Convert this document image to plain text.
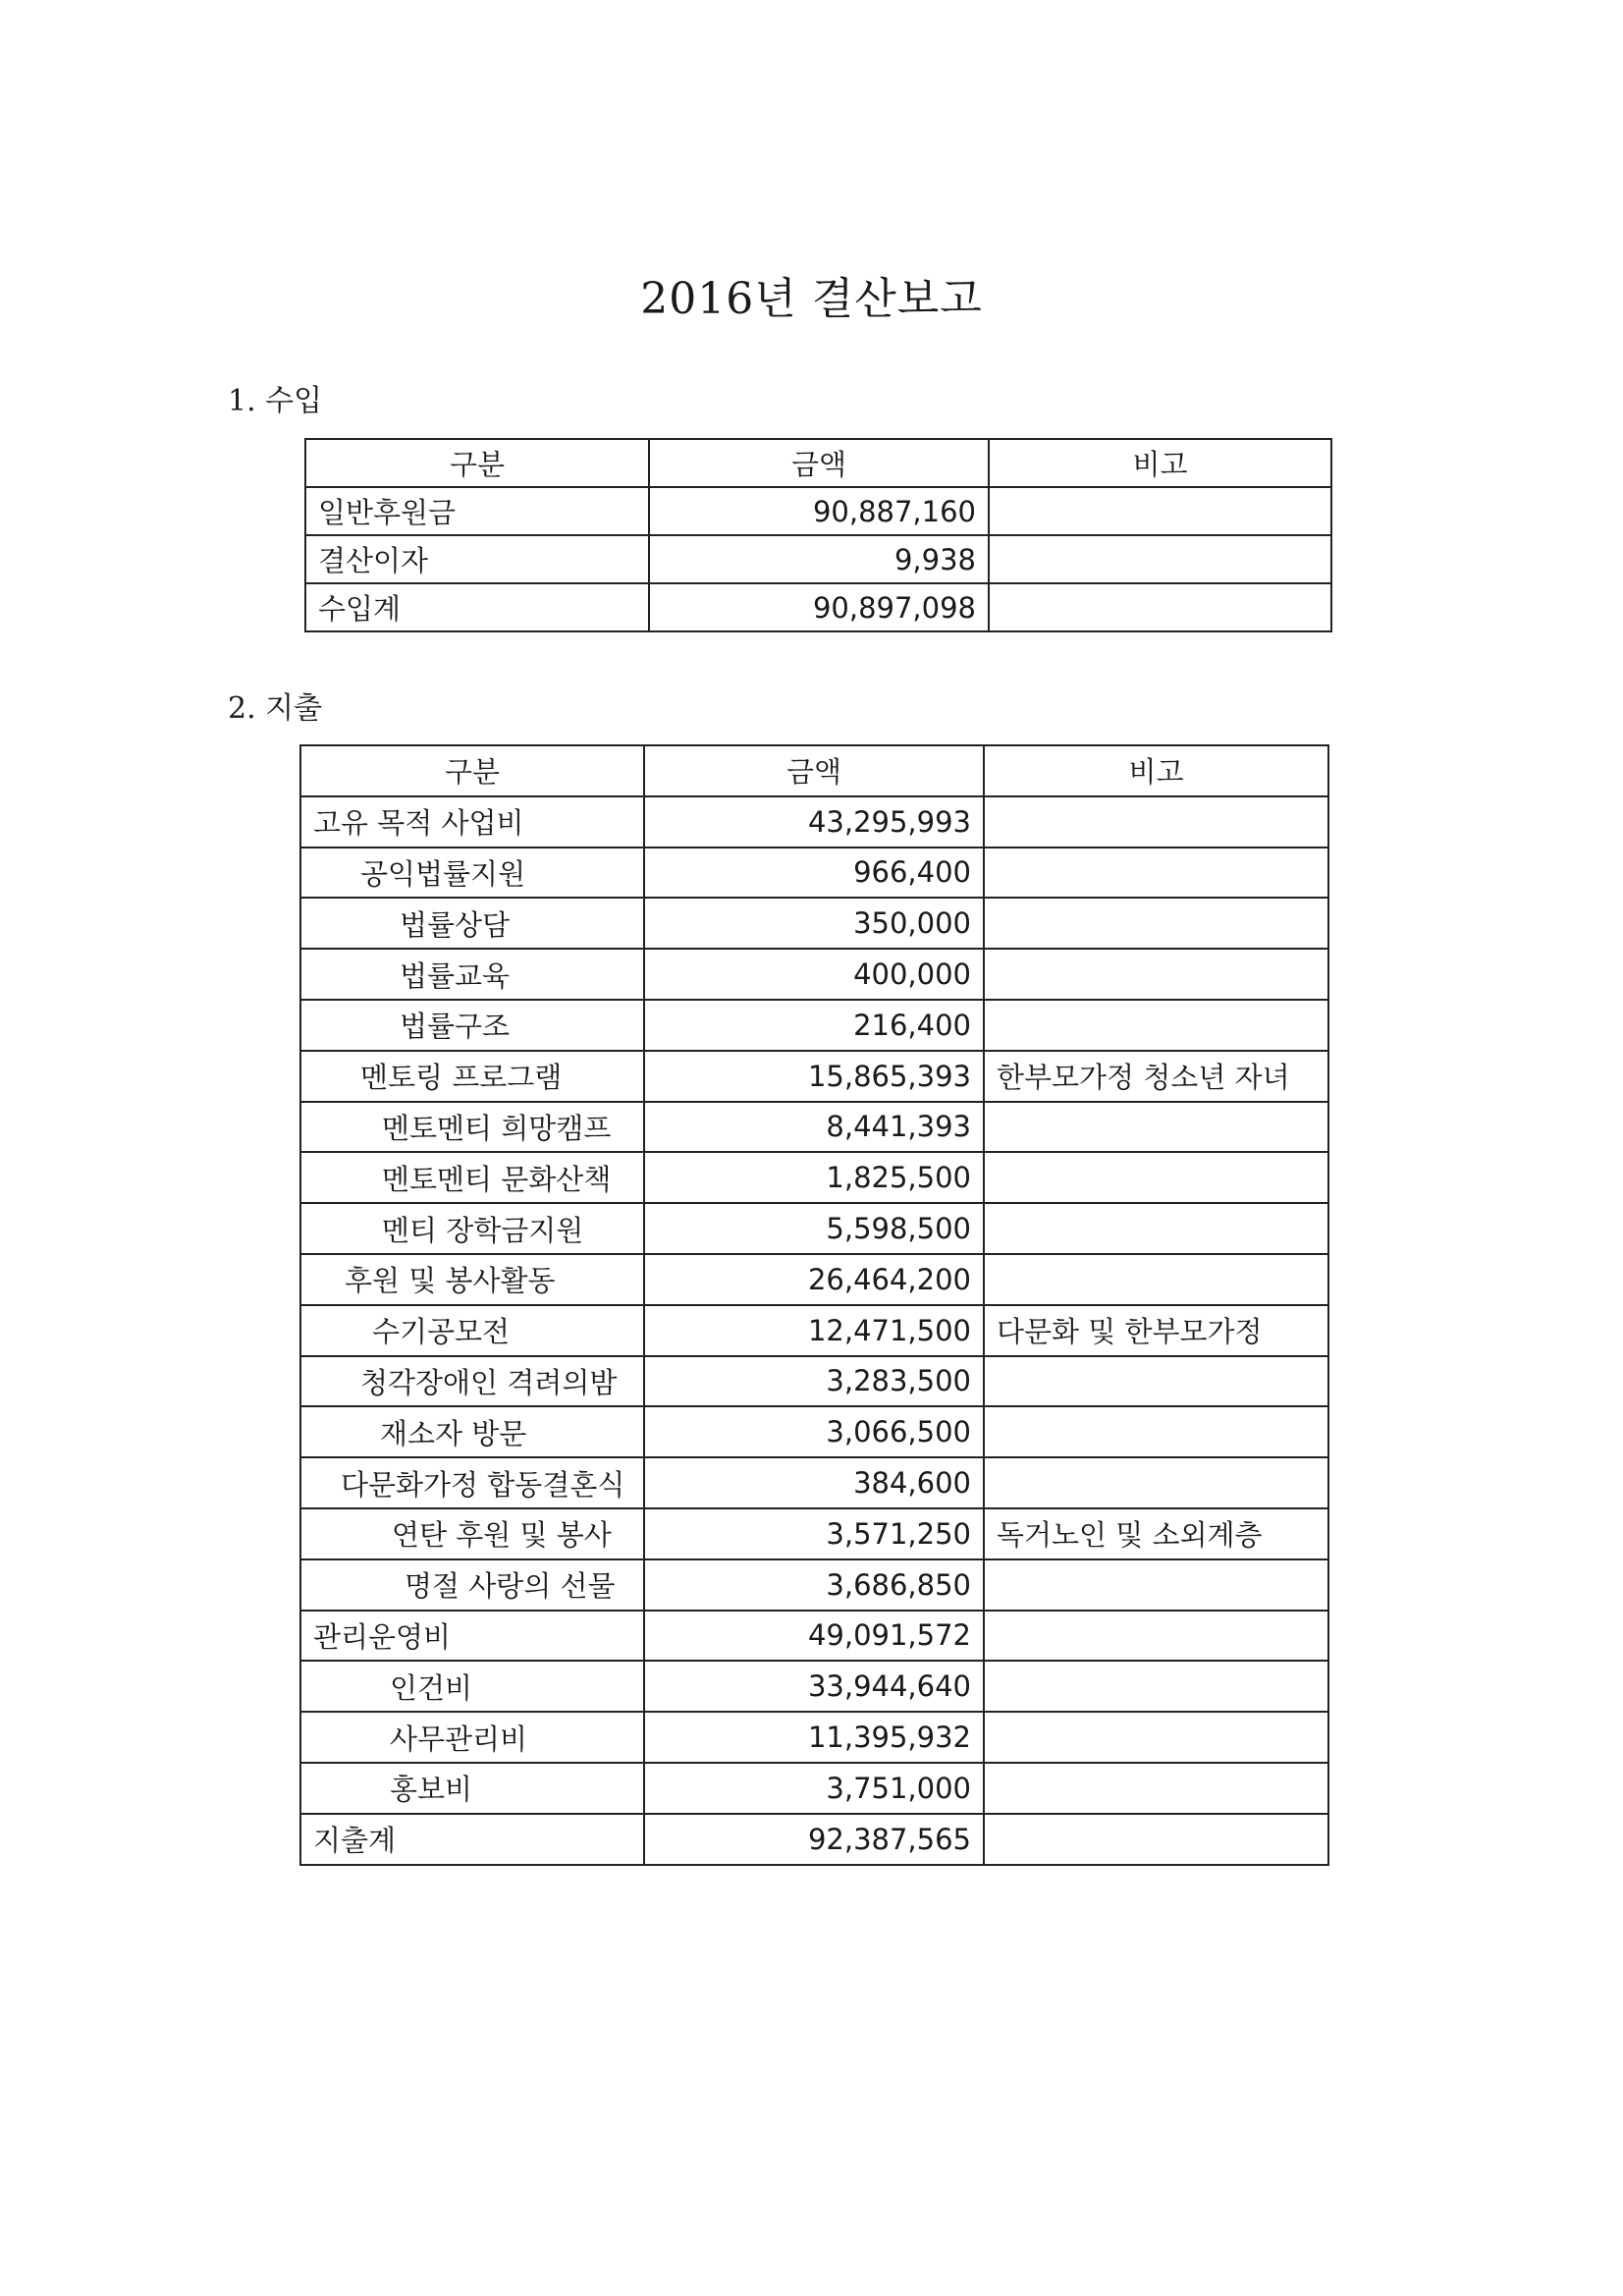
2016년 결산보고
1. 수입
구분	금액	비고
일반후원금	90,887,160	
결산이자	9,938	
수입계	90,897,098	
2. 지출
구분	금액	비고
고유 목적 사업비	43,295,993	
공익법률지원	966,400	
법률상담	350,000	
법률교육	400,000	
법률구조	216,400	
멘토링 프로그램	15,865,393	한부모가정 청소년 자녀
멘토멘티 희망캠프	8,441,393	
멘토멘티 문화산책	1,825,500	
멘티 장학금지원	5,598,500	
후원 및 봉사활동	26,464,200	
수기공모전	12,471,500	다문화 및 한부모가정
청각장애인 격려의밤	3,283,500	
재소자 방문	3,066,500	
다문화가정 합동결혼식	384,600	
연탄 후원 및 봉사	3,571,250	독거노인 및 소외계층
명절 사랑의 선물	3,686,850	
관리운영비	49,091,572	
인건비	33,944,640	
사무관리비	11,395,932	
홍보비	3,751,000	
지출계	92,387,565	
